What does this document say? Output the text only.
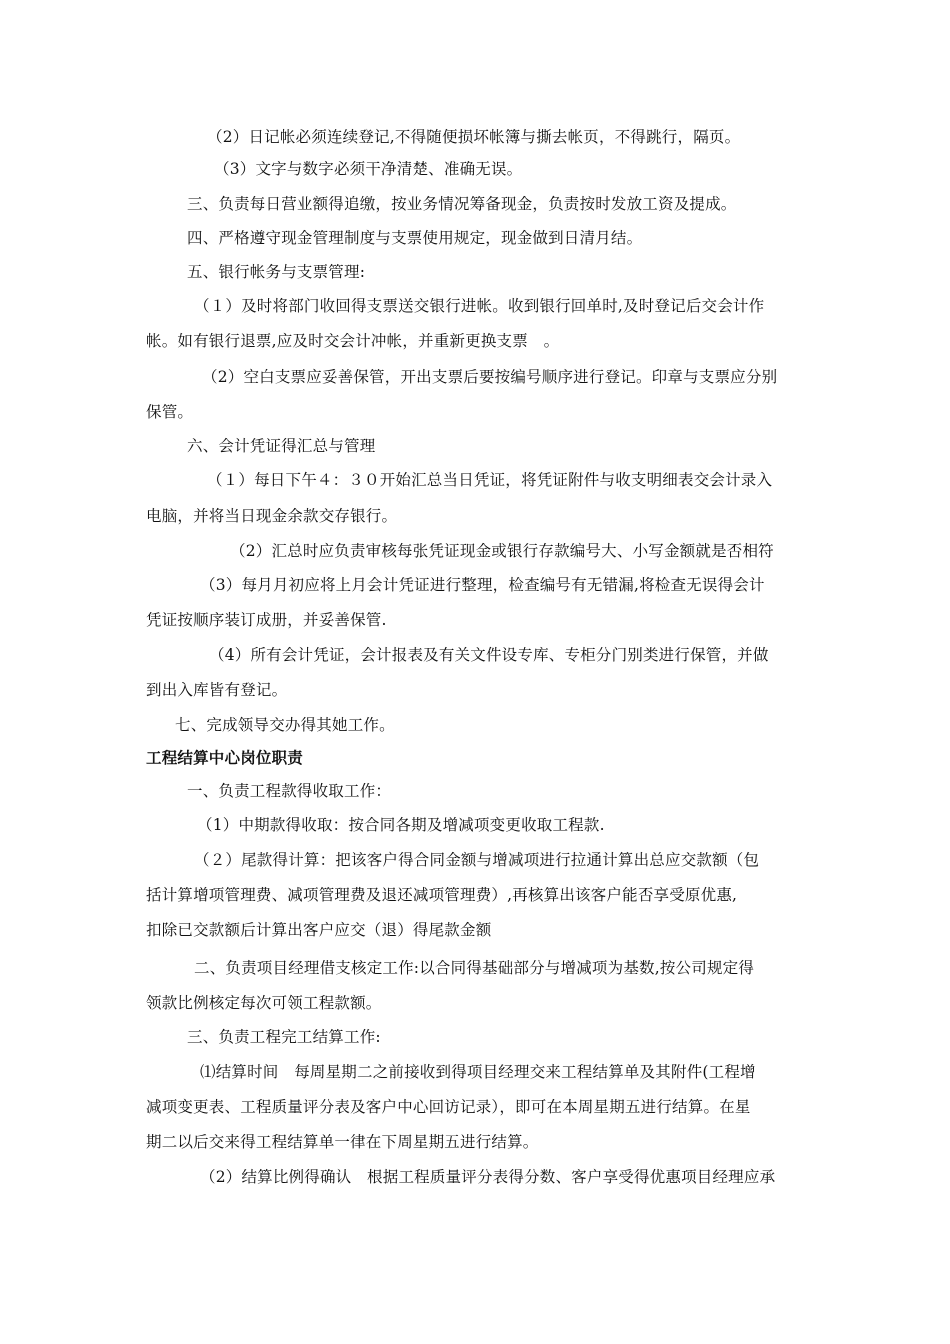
（2）日记帐必须连续登记,不得随便损坏帐簿与撕去帐页，不得跳行，隔页。
（3）文字与数字必须干净清楚、准确无误。
三、负责每日营业额得追缴，按业务情况筹备现金，负责按时发放工资及提成。
四、严格遵守现金管理制度与支票使用规定，现金做到日清月结。
五、银行帐务与支票管理:
（１）及时将部门收回得支票送交银行进帐。收到银行回单时,及时登记后交会计作
帐。如有银行退票,应及时交会计冲帐，并重新更换支票　。
（2）空白支票应妥善保管，开出支票后要按编号顺序进行登记。印章与支票应分别
保管。
六、会计凭证得汇总与管理
（１）每日下午４：３０开始汇总当日凭证，将凭证附件与收支明细表交会计录入
电脑，并将当日现金余款交存银行。
（2）汇总时应负责审核每张凭证现金或银行存款编号大、小写金额就是否相符
（3）每月月初应将上月会计凭证进行整理，检查编号有无错漏,将检查无误得会计
凭证按顺序装订成册，并妥善保管.
（4）所有会计凭证，会计报表及有关文件设专库、专柜分门别类进行保管，并做
到出入库皆有登记。
七、完成领导交办得其她工作。
工程结算中心岗位职责
一、负责工程款得收取工作：
（1）中期款得收取：按合同各期及增减项变更收取工程款.
（２）尾款得计算：把该客户得合同金额与增减项进行拉通计算出总应交款额（包
括计算增项管理费、减项管理费及退还减项管理费）,再核算出该客户能否享受原优惠,
扣除已交款额后计算出客户应交（退）得尾款金额
二、负责项目经理借支核定工作:以合同得基础部分与增减项为基数,按公司规定得
领款比例核定每次可领工程款额。
三、负责工程完工结算工作:
⑴结算时间　每周星期二之前接收到得项目经理交来工程结算单及其附件(工程增
减项变更表、工程质量评分表及客户中心回访记录），即可在本周星期五进行结算。在星
期二以后交来得工程结算单一律在下周星期五进行结算。
（2）结算比例得确认　根据工程质量评分表得分数、客户享受得优惠项目经理应承
